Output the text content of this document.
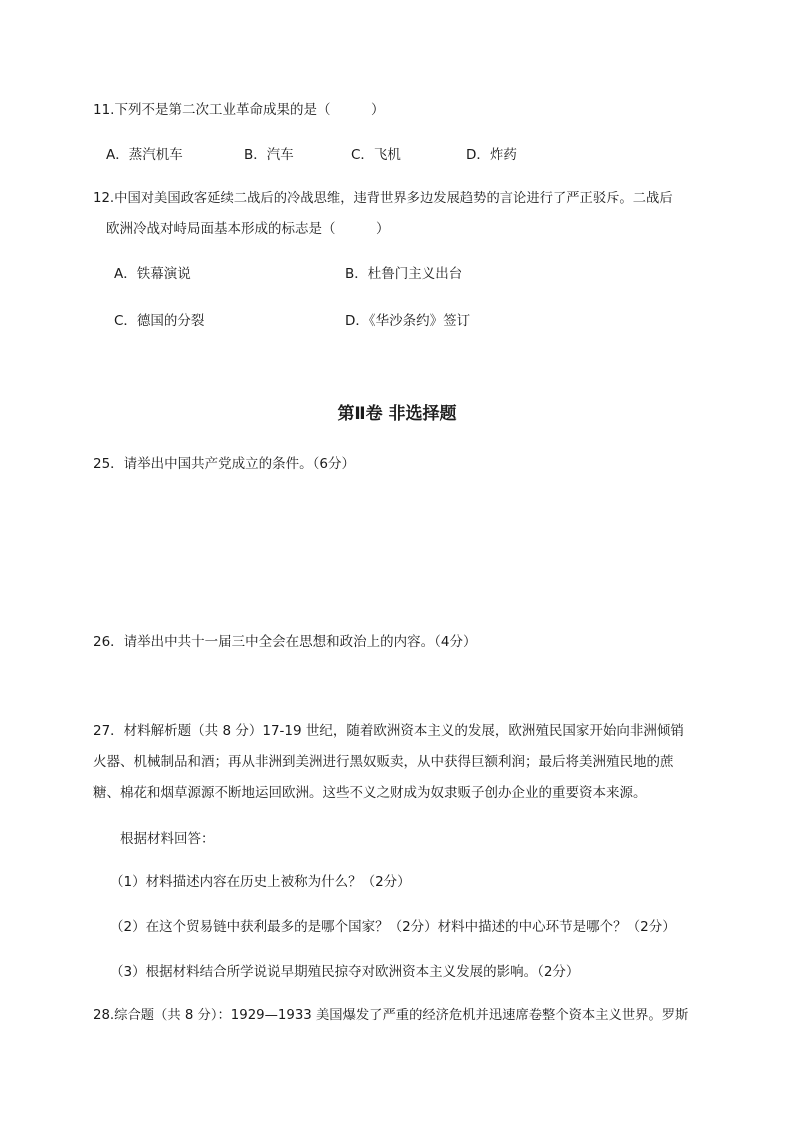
11.下列不是第二次工业革命成果的是（　　　）
A．蒸汽机车	B．汽车	C．飞机	D．炸药
12.中国对美国政客延续二战后的冷战思维，违背世界多边发展趋势的言论进行了严正驳斥。二战后
欧洲冷战对峙局面基本形成的标志是（　　　）
A．铁幕演说	B．杜鲁门主义出台
C．德国的分裂	D．《华沙条约》签订
第Ⅱ卷 非选择题
25．请举出中国共产党成立的条件。（6分）
26．请举出中共十一届三中全会在思想和政治上的内容。（4分）
27．材料解析题（共 8 分）17-19 世纪，随着欧洲资本主义的发展，欧洲殖民国家开始向非洲倾销
火器、机械制品和酒；再从非洲到美洲进行黑奴贩卖，从中获得巨额利润；最后将美洲殖民地的蔗
糖、棉花和烟草源源不断地运回欧洲。这些不义之财成为奴隶贩子创办企业的重要资本来源。
根据材料回答：
（1）材料描述内容在历史上被称为什么？（2分）
（2）在这个贸易链中获利最多的是哪个国家？（2分）材料中描述的中心环节是哪个？（2分）
（3）根据材料结合所学说说早期殖民掠夺对欧洲资本主义发展的影响。（2分）
28.综合题（共 8 分）：1929—1933 美国爆发了严重的经济危机并迅速席卷整个资本主义世界。罗斯
